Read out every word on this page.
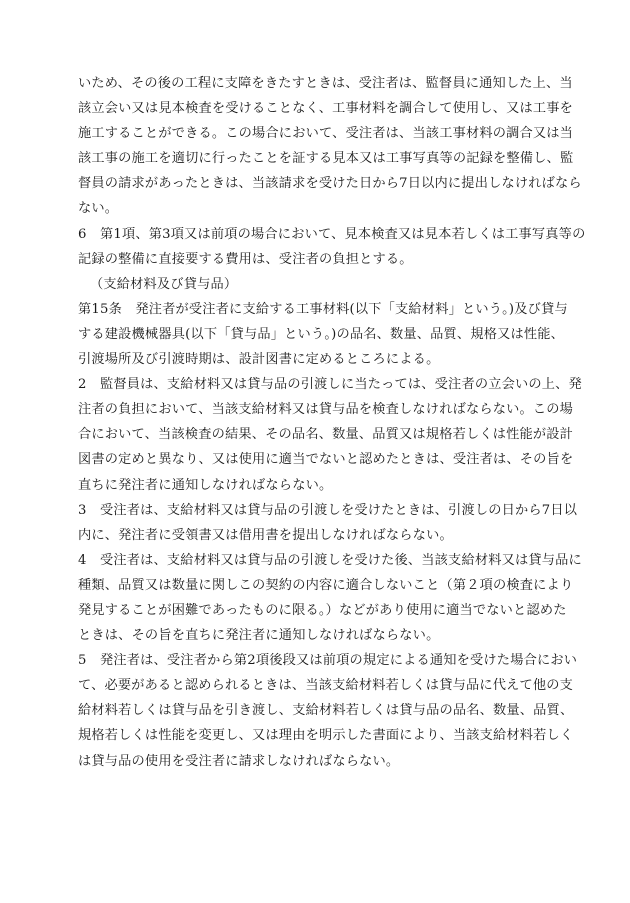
いため、その後の工程に支障をきたすときは、受注者は、監督員に通知した上、当
該立会い又は見本検査を受けることなく、工事材料を調合して使用し、又は工事を
施工することができる。この場合において、受注者は、当該工事材料の調合又は当
該工事の施工を適切に行ったことを証する見本又は工事写真等の記録を整備し、監
督員の請求があったときは、当該請求を受けた日から7日以内に提出しなければなら
ない。
6　第1項、第3項又は前項の場合において、見本検査又は見本若しくは工事写真等の
記録の整備に直接要する費用は、受注者の負担とする。
（支給材料及び貸与品）
第15条　発注者が受注者に支給する工事材料(以下「支給材料」という。)及び貸与
する建設機械器具(以下「貸与品」という。)の品名、数量、品質、規格又は性能、
引渡場所及び引渡時期は、設計図書に定めるところによる。
2　監督員は、支給材料又は貸与品の引渡しに当たっては、受注者の立会いの上、発
注者の負担において、当該支給材料又は貸与品を検査しなければならない。この場
合において、当該検査の結果、その品名、数量、品質又は規格若しくは性能が設計
図書の定めと異なり、又は使用に適当でないと認めたときは、受注者は、その旨を
直ちに発注者に通知しなければならない。
3　受注者は、支給材料又は貸与品の引渡しを受けたときは、引渡しの日から7日以
内に、発注者に受領書又は借用書を提出しなければならない。
4　受注者は、支給材料又は貸与品の引渡しを受けた後、当該支給材料又は貸与品に
種類、品質又は数量に関しこの契約の内容に適合しないこと（第２項の検査により
発見することが困難であったものに限る。）などがあり使用に適当でないと認めた
ときは、その旨を直ちに発注者に通知しなければならない。
5　発注者は、受注者から第2項後段又は前項の規定による通知を受けた場合におい
て、必要があると認められるときは、当該支給材料若しくは貸与品に代えて他の支
給材料若しくは貸与品を引き渡し、支給材料若しくは貸与品の品名、数量、品質、
規格若しくは性能を変更し、又は理由を明示した書面により、当該支給材料若しく
は貸与品の使用を受注者に請求しなければならない。
